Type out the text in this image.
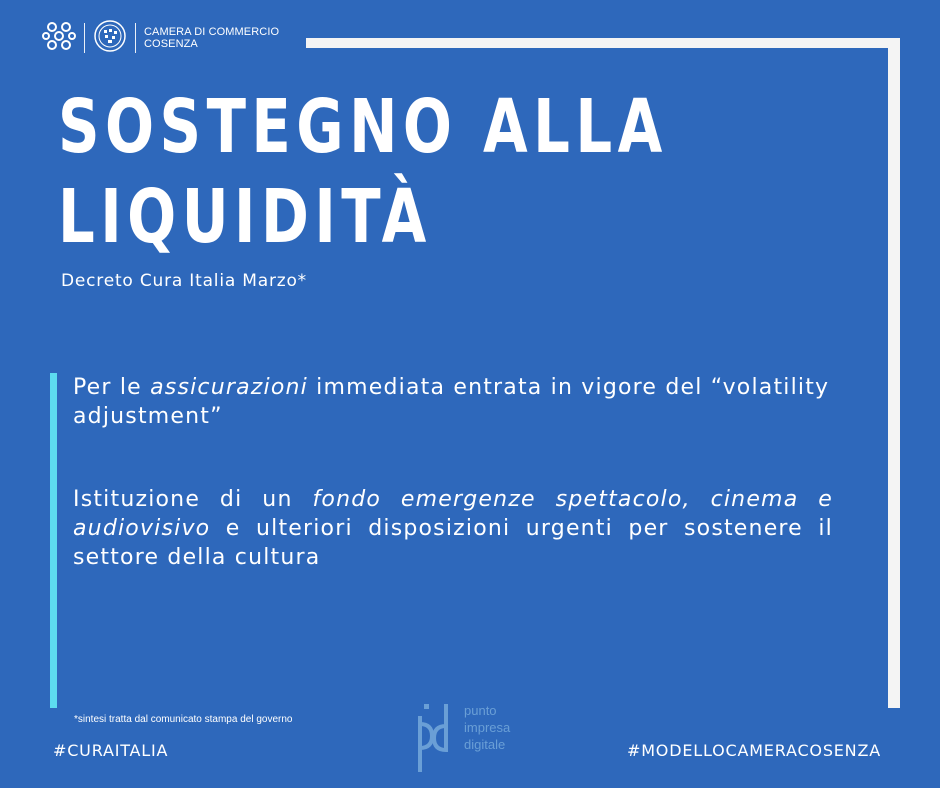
CAMERA DI COMMERCIO
COSENZA
SOSTEGNO ALLA
LIQUIDITÀ
Decreto Cura Italia Marzo*
Per le assicurazioni immediata entrata in vigore del “volatility adjustment”
Istituzione di un fondo emergenze spettacolo, cinema e audiovisivo e ulteriori disposizioni urgenti per sostenere il settore della cultura
*sintesi tratta dal comunicato stampa del governo
#CURAITALIA	#MODELLOCAMERACOSENZA
punto
impresa
digitale
